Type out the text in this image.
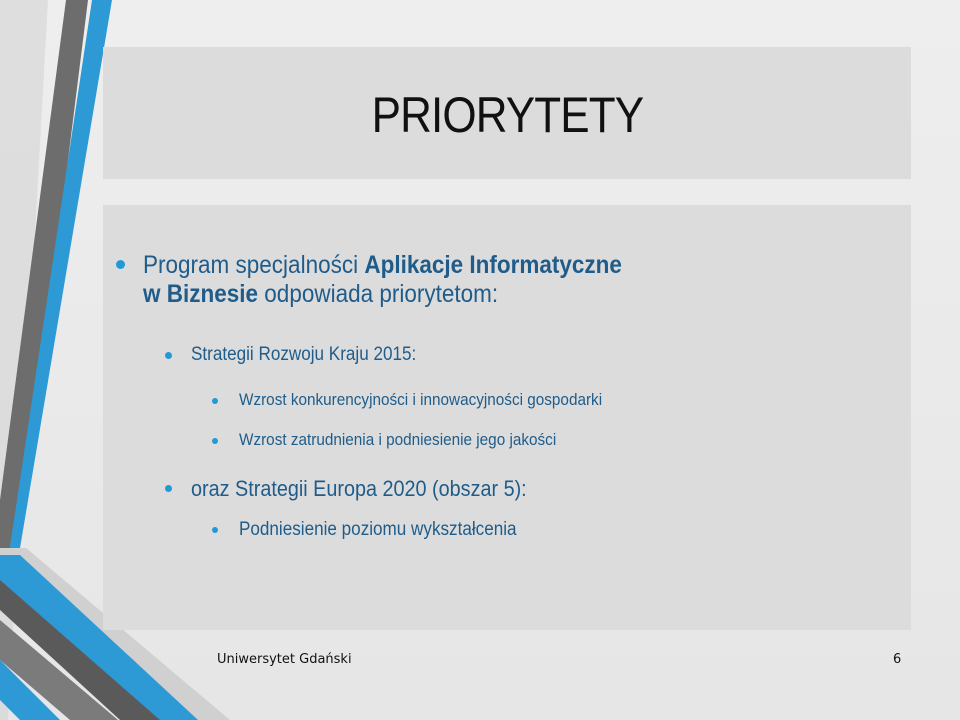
PRIORYTETY
Program specjalności Aplikacje Informatyczne
w Biznesie odpowiada priorytetom:
Strategii Rozwoju Kraju 2015:
Wzrost konkurencyjności i innowacyjności gospodarki
Wzrost zatrudnienia i podniesienie jego jakości
oraz Strategii Europa 2020 (obszar 5):
Podniesienie poziomu wykształcenia
Uniwersytet Gdański	6
